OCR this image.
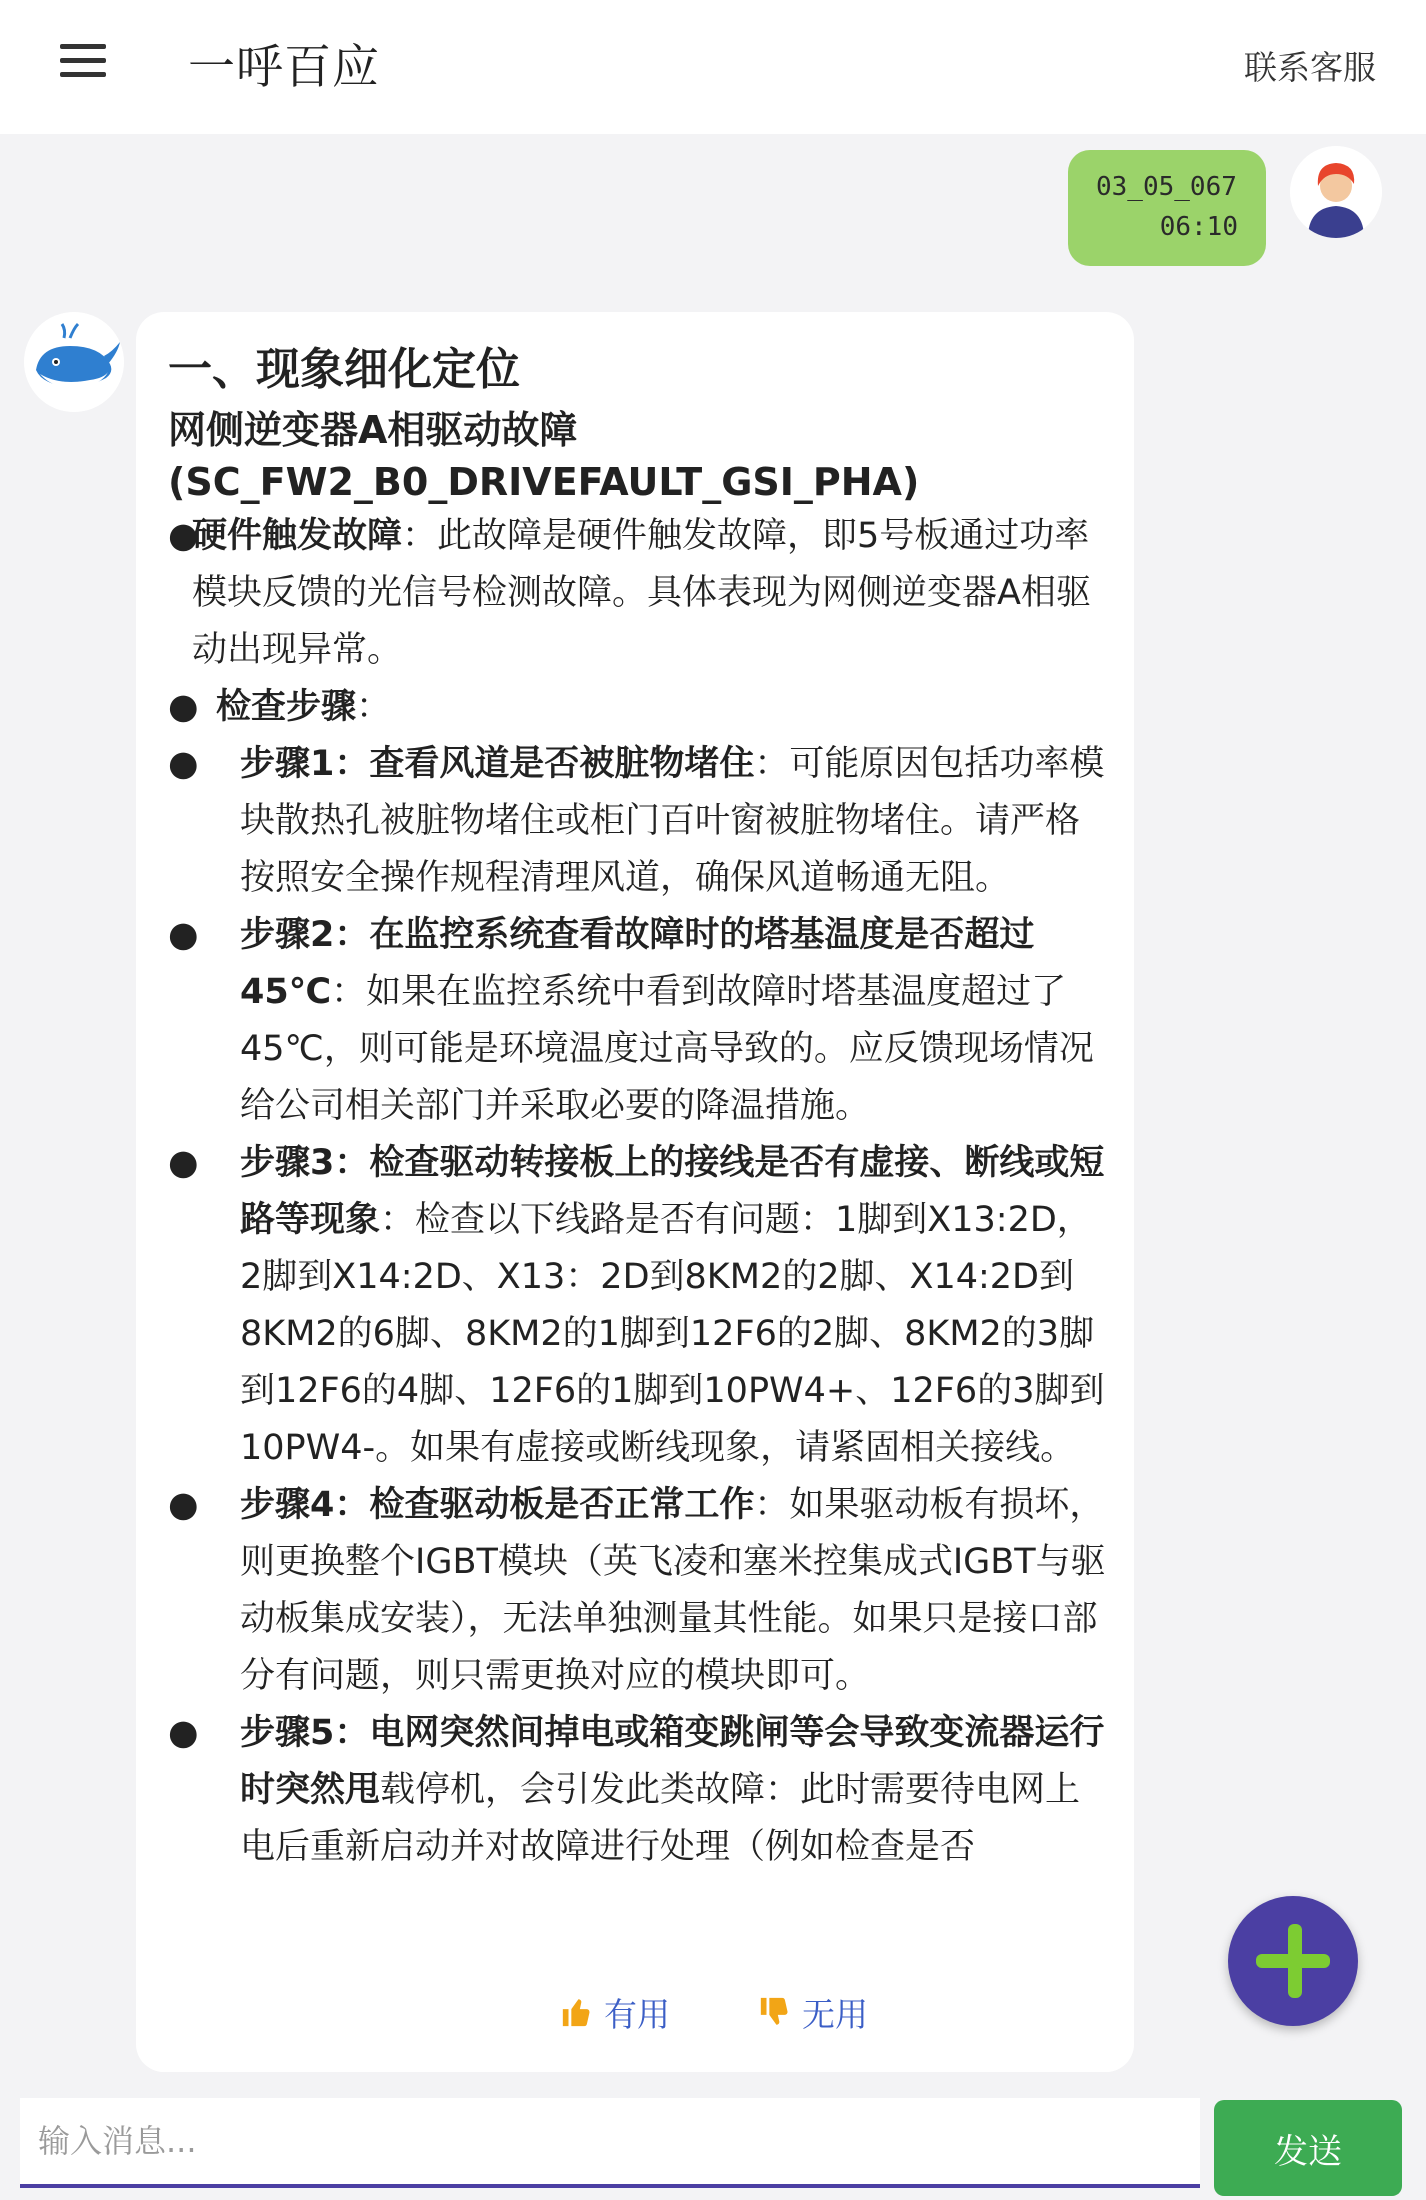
一呼百应	联系客服
03_05_067
06:10
一、现象细化定位
网侧逆变器A相驱动故障
(SC_FW2_B0_DRIVEFAULT_GSI_PHA)
●
硬件触发故障：此故障是硬件触发故障，即5号板通过功率模块反馈的光信号检测故障。具体表现为网侧逆变器A相驱动出现异常。
● 检查步骤：
● 步骤1：查看风道是否被脏物堵住：可能原因包括功率模块散热孔被脏物堵住或柜门百叶窗被脏物堵住。请严格按照安全操作规程清理风道，确保风道畅通无阻。
● 步骤2：在监控系统查看故障时的塔基温度是否超过45℃：如果在监控系统中看到故障时塔基温度超过了45℃，则可能是环境温度过高导致的。应反馈现场情况给公司相关部门并采取必要的降温措施。
● 步骤3：检查驱动转接板上的接线是否有虚接、断线或短路等现象：检查以下线路是否有问题：1脚到X13:2D，2脚到X14:2D、X13：2D到8KM2的2脚、X14:2D到8KM2的6脚、8KM2的1脚到12F6的2脚、8KM2的3脚到12F6的4脚、12F6的1脚到10PW4+、12F6的3脚到10PW4-。如果有虚接或断线现象，请紧固相关接线。
● 步骤4：检查驱动板是否正常工作：如果驱动板有损坏，则更换整个IGBT模块（英飞凌和塞米控集成式IGBT与驱动板集成安装），无法单独测量其性能。如果只是接口部分有问题，则只需更换对应的模块即可。
● 步骤5：电网突然间掉电或箱变跳闸等会导致变流器运行时突然甩载停机，会引发此类故障：此时需要待电网上电后重新启动并对故障进行处理（例如检查是否
有用	无用
输入消息...
发送
